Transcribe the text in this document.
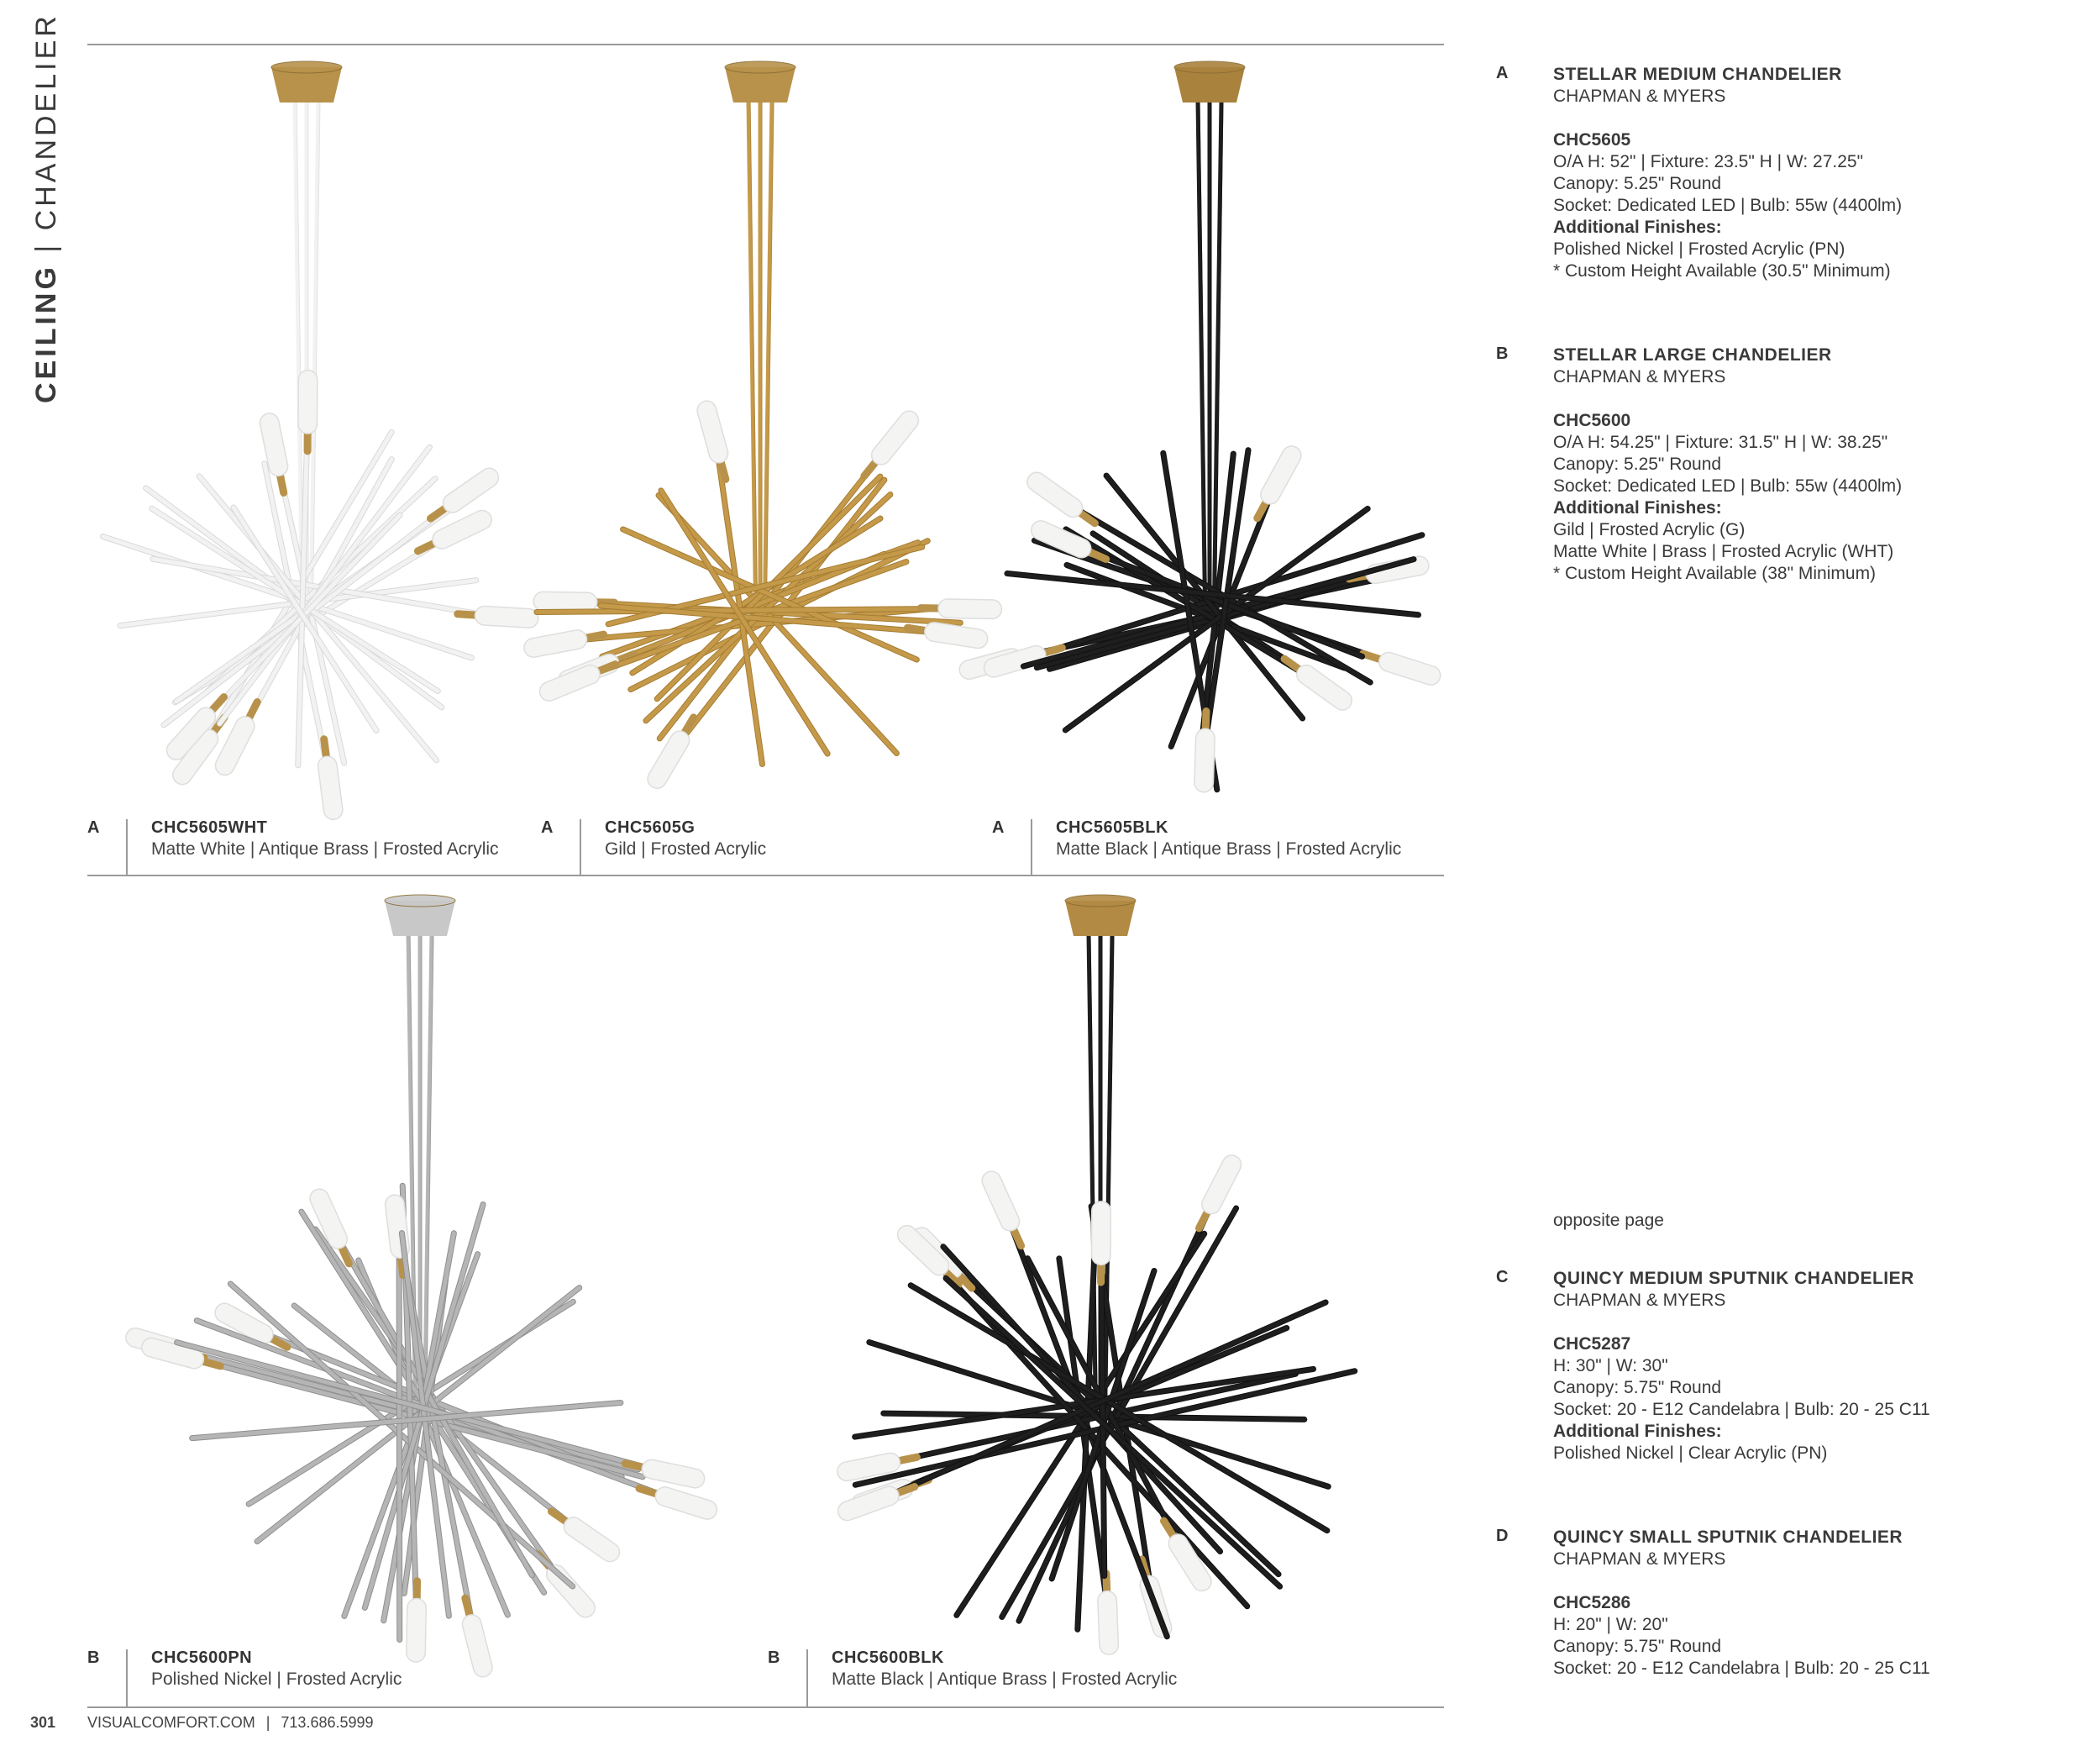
CEILING | CHANDELIER
A	CHC5605WHT
Matte White | Antique Brass | Frosted Acrylic
A	CHC5605G
Gild | Frosted Acrylic
A	CHC5605BLK
Matte Black | Antique Brass | Frosted Acrylic
B	CHC5600PN
Polished Nickel | Frosted Acrylic
B	CHC5600BLK
Matte Black | Antique Brass | Frosted Acrylic
A	STELLAR MEDIUM CHANDELIER
CHAPMAN & MYERS
CHC5605
O/A H: 52" | Fixture: 23.5" H | W: 27.25"
Canopy: 5.25" Round
Socket: Dedicated LED | Bulb: 55w (4400lm)
Additional Finishes:
Polished Nickel | Frosted Acrylic (PN)
* Custom Height Available (30.5" Minimum)
B	STELLAR LARGE CHANDELIER
CHAPMAN & MYERS
CHC5600
O/A H: 54.25" | Fixture: 31.5" H | W: 38.25"
Canopy: 5.25" Round
Socket: Dedicated LED | Bulb: 55w (4400lm)
Additional Finishes:
Gild | Frosted Acrylic (G)
Matte White | Brass | Frosted Acrylic (WHT)
* Custom Height Available (38" Minimum)
opposite page
C	QUINCY MEDIUM SPUTNIK CHANDELIER
CHAPMAN & MYERS
CHC5287
H: 30" | W: 30"
Canopy: 5.75" Round
Socket: 20 - E12 Candelabra | Bulb: 20 - 25 C11
Additional Finishes:
Polished Nickel | Clear Acrylic (PN)
D	QUINCY SMALL SPUTNIK CHANDELIER
CHAPMAN & MYERS
CHC5286
H: 20" | W: 20"
Canopy: 5.75" Round
Socket: 20 - E12 Candelabra | Bulb: 20 - 25 C11
301 VISUALCOMFORT.COM | 713.686.5999
